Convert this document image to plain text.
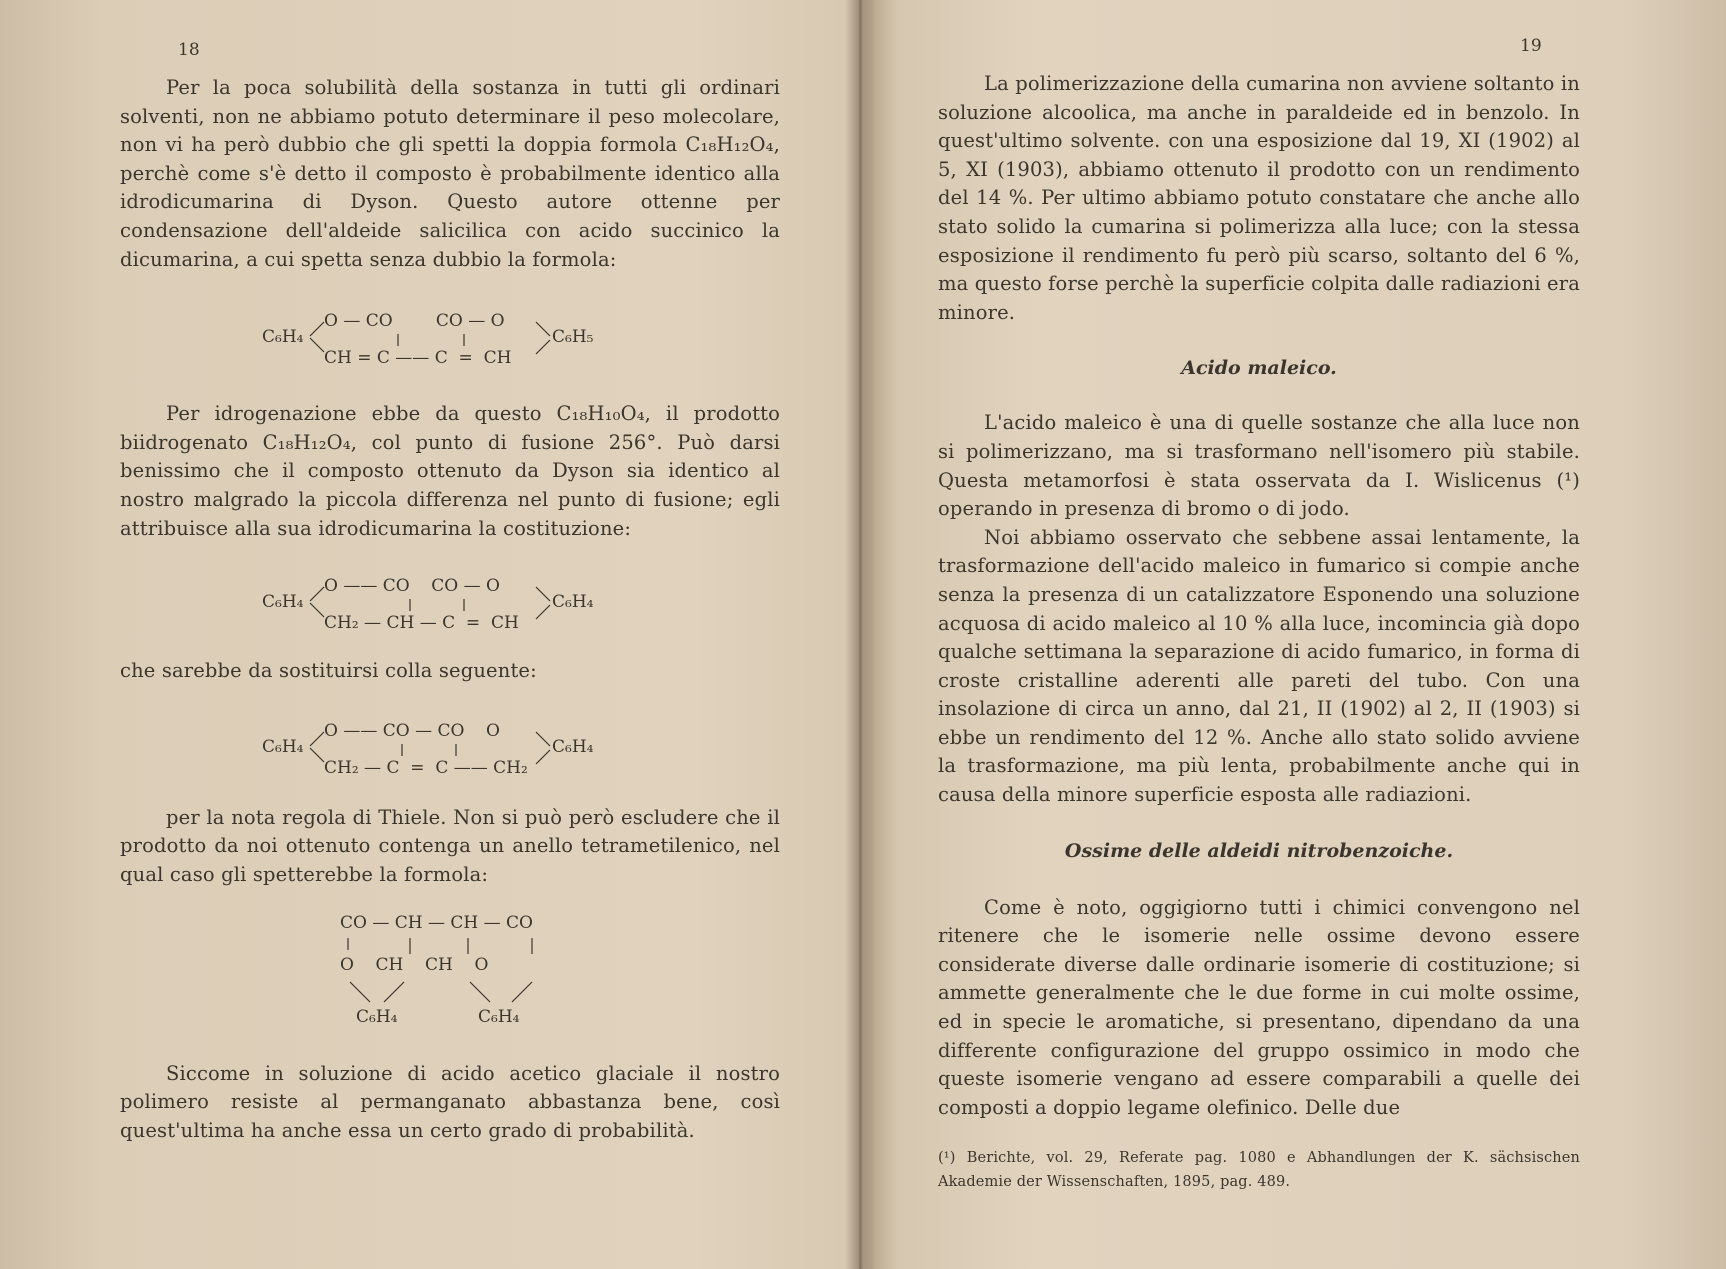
18	19

Per la poca solubilità della sostanza in tutti gli ordinari solventi, non ne abbiamo potuto determinare il peso molecolare, non vi ha però dubbio che gli spetti la doppia formola C₁₈H₁₂O₄, perchè come s'è detto il composto è probabilmente identico alla idrodicumarina di Dyson. Questo autore ottenne per condensazione dell'aldeide salicilica con acido succinico la dicumarina, a cui spetta senza dubbio la formola:

C₆H₄
O — CO        CO — O
CH = C —— C  =  CH
C₆H₅

Per idrogenazione ebbe da questo C₁₈H₁₀O₄, il prodotto biidrogenato C₁₈H₁₂O₄, col punto di fusione 256°. Può darsi benissimo che il composto ottenuto da Dyson sia identico al nostro malgrado la piccola differenza nel punto di fusione; egli attribuisce alla sua idrodicumarina la costituzione:

C₆H₄
O —— CO    CO — O
CH₂ — CH — C  =  CH
C₆H₄

che sarebbe da sostituirsi colla seguente:

C₆H₄
O —— CO — CO    O
CH₂ — C  =  C —— CH₂
C₆H₄

per la nota regola di Thiele. Non si può però escludere che il prodotto da noi ottenuto contenga un anello tetrametilenico, nel qual caso gli spetterebbe la formola:

CO — CH — CH — CO
O    CH    CH    O
C₆H₄	C₆H₄

Siccome in soluzione di acido acetico glaciale il nostro polimero resiste al permanganato abbastanza bene, così quest'ultima ha anche essa un certo grado di probabilità.

La polimerizzazione della cumarina non avviene soltanto in soluzione alcoolica, ma anche in paraldeide ed in benzolo. In quest'ultimo solvente. con una esposizione dal 19, XI (1902) al 5, XI (1903), abbiamo ottenuto il prodotto con un rendimento del 14 %. Per ultimo abbiamo potuto constatare che anche allo stato solido la cumarina si polimerizza alla luce; con la stessa esposizione il rendimento fu però più scarso, soltanto del 6 %, ma questo forse perchè la superficie colpita dalle radiazioni era minore.

Acido maleico.

L'acido maleico è una di quelle sostanze che alla luce non si polimerizzano, ma si trasformano nell'isomero più stabile. Questa metamorfosi è stata osservata da I. Wislicenus (¹) operando in presenza di bromo o di jodo.

Noi abbiamo osservato che sebbene assai lentamente, la trasformazione dell'acido maleico in fumarico si compie anche senza la presenza di un catalizzatore Esponendo una soluzione acquosa di acido maleico al 10 % alla luce, incomincia già dopo qualche settimana la separazione di acido fumarico, in forma di croste cristalline aderenti alle pareti del tubo. Con una insolazione di circa un anno, dal 21, II (1902) al 2, II (1903) si ebbe un rendimento del 12 %. Anche allo stato solido avviene la trasformazione, ma più lenta, probabilmente anche qui in causa della minore superficie esposta alle radiazioni.

Ossime delle aldeidi nitrobenzoiche.

Come è noto, oggigiorno tutti i chimici convengono nel ritenere che le isomerie nelle ossime devono essere considerate diverse dalle ordinarie isomerie di costituzione; si ammette generalmente che le due forme in cui molte ossime, ed in specie le aromatiche, si presentano, dipendano da una differente configurazione del gruppo ossimico in modo che queste isomerie vengano ad essere comparabili a quelle dei composti a doppio legame olefinico. Delle due

(¹) Berichte, vol. 29, Referate pag. 1080 e Abhandlungen der K. sächsischen Akademie der Wissenschaften, 1895, pag. 489.
